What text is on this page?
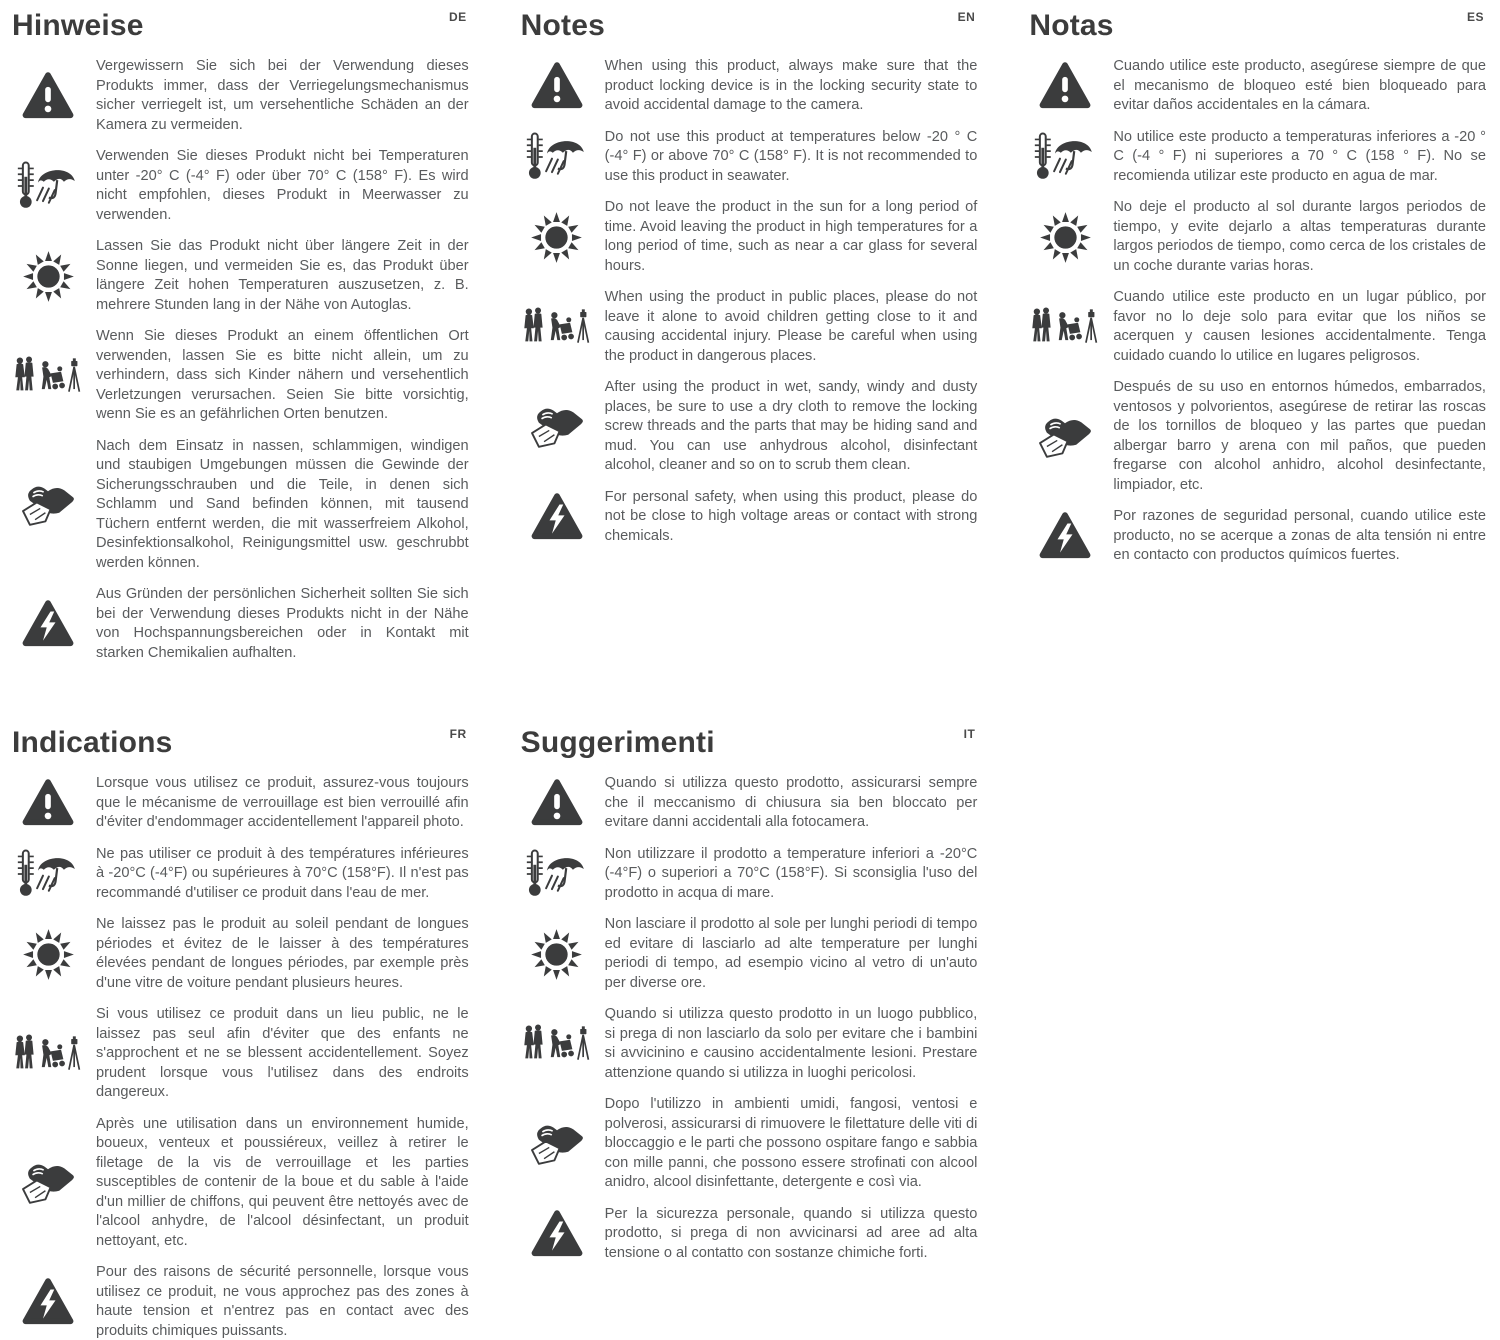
Hinweise	DE

Vergewissern Sie sich bei der Verwendung dieses Produkts immer, dass der Verriegelungsmechanismus sicher verriegelt ist, um versehentliche Schäden an der Kamera zu vermeiden.

Verwenden Sie dieses Produkt nicht bei Temperaturen unter -20° C (-4° F) oder über 70° C (158° F). Es wird nicht empfohlen, dieses Produkt in Meerwasser zu verwenden.

Lassen Sie das Produkt nicht über längere Zeit in der Sonne liegen, und vermeiden Sie es, das Produkt über längere Zeit hohen Temperaturen auszusetzen, z. B. mehrere Stunden lang in der Nähe von Autoglas.

Wenn Sie dieses Produkt an einem öffentlichen Ort verwenden, lassen Sie es bitte nicht allein, um zu verhindern, dass sich Kinder nähern und versehentlich Verletzungen verursachen. Seien Sie bitte vorsichtig, wenn Sie es an gefährlichen Orten benutzen.

Nach dem Einsatz in nassen, schlammigen, windigen und staubigen Umgebungen müssen die Gewinde der Sicherungsschrauben und die Teile, in denen sich Schlamm und Sand befinden können, mit tausend Tüchern entfernt werden, die mit wasserfreiem Alkohol, Desinfektionsalkohol, Reinigungsmittel usw. geschrubbt werden können.

Aus Gründen der persönlichen Sicherheit sollten Sie sich bei der Verwendung dieses Produkts nicht in der Nähe von Hochspannungsbereichen oder in Kontakt mit starken Chemikalien aufhalten.

Notes	EN

When using this product, always make sure that the product locking device is in the locking security state to avoid accidental damage to the camera.

Do not use this product at temperatures below -20 ° C (-4° F) or above 70° C (158° F). It is not recommended to use this product in seawater.

Do not leave the product in the sun for a long period of time. Avoid leaving the product in high temperatures for a long period of time, such as near a car glass for several hours.

When using the product in public places, please do not leave it alone to avoid children getting close to it and causing accidental injury. Please be careful when using the product in dangerous places.

After using the product in wet, sandy, windy and dusty places, be sure to use a dry cloth to remove the locking screw threads and the parts that may be hiding sand and mud. You can use anhydrous alcohol, disinfectant alcohol, cleaner and so on to scrub them clean.

For personal safety, when using this product, please do not be close to high voltage areas or contact with strong chemicals.

Notas	ES

Cuando utilice este producto, asegúrese siempre de que el mecanismo de bloqueo esté bien bloqueado para evitar daños accidentales en la cámara.

No utilice este producto a temperaturas inferiores a -20 ° C (-4 ° F) ni superiores a 70 ° C (158 ° F). No se recomienda utilizar este producto en agua de mar.

No deje el producto al sol durante largos periodos de tiempo, y evite dejarlo a altas temperaturas durante largos periodos de tiempo, como cerca de los cristales de un coche durante varias horas.

Cuando utilice este producto en un lugar público, por favor no lo deje solo para evitar que los niños se acerquen y causen lesiones accidentalmente. Tenga cuidado cuando lo utilice en lugares peligrosos.

Después de su uso en entornos húmedos, embarrados, ventosos y polvorientos, asegúrese de retirar las roscas de los tornillos de bloqueo y las partes que puedan albergar barro y arena con mil paños, que pueden fregarse con alcohol anhidro, alcohol desinfectante, limpiador, etc.

Por razones de seguridad personal, cuando utilice este producto, no se acerque a zonas de alta tensión ni entre en contacto con productos químicos fuertes.

Indications	FR

Lorsque vous utilisez ce produit, assurez-vous toujours que le mécanisme de verrouillage est bien verrouillé afin d'éviter d'endommager accidentellement l'appareil photo.

Ne pas utiliser ce produit à des températures inférieures à -20°C (-4°F) ou supérieures à 70°C (158°F). Il n'est pas recommandé d'utiliser ce produit dans l'eau de mer.

Ne laissez pas le produit au soleil pendant de longues périodes et évitez de le laisser à des températures élevées pendant de longues périodes, par exemple près d'une vitre de voiture pendant plusieurs heures.

Si vous utilisez ce produit dans un lieu public, ne le laissez pas seul afin d'éviter que des enfants ne s'approchent et ne se blessent accidentellement. Soyez prudent lorsque vous l'utilisez dans des endroits dangereux.

Après une utilisation dans un environnement humide, boueux, venteux et poussiéreux, veillez à retirer le filetage de la vis de verrouillage et les parties susceptibles de contenir de la boue et du sable à l'aide d'un millier de chiffons, qui peuvent être nettoyés avec de l'alcool anhydre, de l'alcool désinfectant, un produit nettoyant, etc.

Pour des raisons de sécurité personnelle, lorsque vous utilisez ce produit, ne vous approchez pas des zones à haute tension et n'entrez pas en contact avec des produits chimiques puissants.

Suggerimenti	IT

Quando si utilizza questo prodotto, assicurarsi sempre che il meccanismo di chiusura sia ben bloccato per evitare danni accidentali alla fotocamera.

Non utilizzare il prodotto a temperature inferiori a -20°C (-4°F) o superiori a 70°C (158°F). Si sconsiglia l'uso del prodotto in acqua di mare.

Non lasciare il prodotto al sole per lunghi periodi di tempo ed evitare di lasciarlo ad alte temperature per lunghi periodi di tempo, ad esempio vicino al vetro di un'auto per diverse ore.

Quando si utilizza questo prodotto in un luogo pubblico, si prega di non lasciarlo da solo per evitare che i bambini si avvicinino e causino accidentalmente lesioni. Prestare attenzione quando si utilizza in luoghi pericolosi.

Dopo l'utilizzo in ambienti umidi, fangosi, ventosi e polverosi, assicurarsi di rimuovere le filettature delle viti di bloccaggio e le parti che possono ospitare fango e sabbia con mille panni, che possono essere strofinati con alcool anidro, alcool disinfettante, detergente e così via.

Per la sicurezza personale, quando si utilizza questo prodotto, si prega di non avvicinarsi ad aree ad alta tensione o al contatto con sostanze chimiche forti.
